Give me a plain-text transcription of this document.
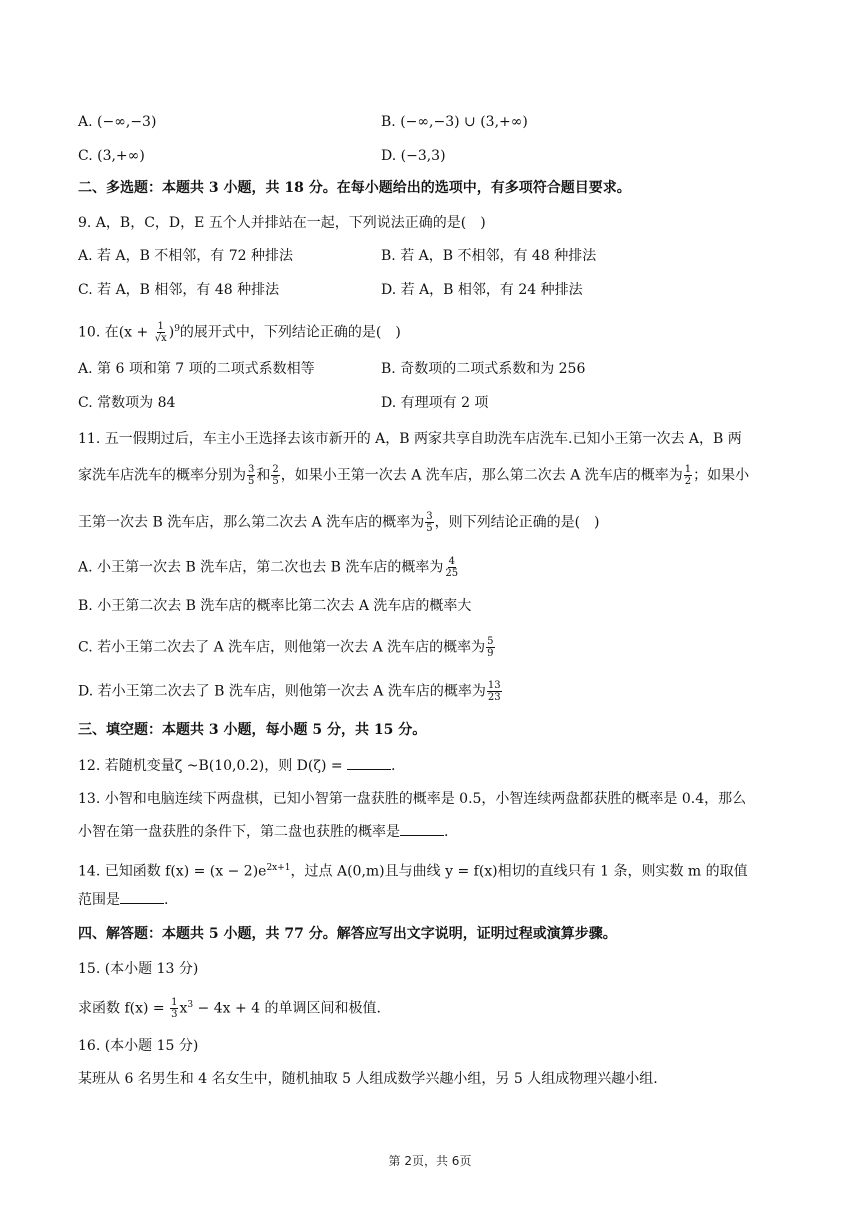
A. (−∞,−3)	B. (−∞,−3) ∪ (3,+∞)
C. (3,+∞)	D. (−3,3)
二、多选题：本题共 3 小题，共 18 分。在每小题给出的选项中，有多项符合题目要求。
9. A，B，C，D，E 五个人并排站在一起，下列说法正确的是(　)
A. 若 A，B 不相邻，有 72 种排法	B. 若 A，B 不相邻，有 48 种排法
C. 若 A，B 相邻，有 48 种排法	D. 若 A，B 相邻，有 24 种排法
10. 在$(x + \frac{1}{√x} )^9$的展开式中，下列结论正确的是(　)
A. 第 6 项和第 7 项的二项式系数相等	B. 奇数项的二项式系数和为 256
C. 常数项为 84	D. 有理项有 2 项
11. 五一假期过后，车主小王选择去该市新开的 A，B 两家共享自助洗车店洗车.已知小王第一次去 A，B 两
家洗车店洗车的概率分别为 $\frac{3}{5}$ 和 $\frac{2}{5}$ ，如果小王第一次去 A 洗车店，那么第二次去 A 洗车店的概率为 $\frac{1}{2}$ ；如果小
王第一次去 B 洗车店，那么第二次去 A 洗车店的概率为 $\frac{3}{5}$ ，则下列结论正确的是(　)
A. 小王第一次去 B 洗车店，第二次也去 B 洗车店的概率为 $\frac{4}{25}$
B. 小王第二次去 B 洗车店的概率比第二次去 A 洗车店的概率大
C. 若小王第二次去了 A 洗车店，则他第一次去 A 洗车店的概率为 $\frac{5}{9}$
D. 若小王第二次去了 B 洗车店，则他第一次去 A 洗车店的概率为 $\frac{13}{23}$
三、填空题：本题共 3 小题，每小题 5 分，共 15 分。
12. 若随机变量ζ ~B(10,0.2)，则 D(ζ) =	.
13. 小智和电脑连续下两盘棋，已知小智第一盘获胜的概率是 0.5，小智连续两盘都获胜的概率是 0.4，那么
小智在第一盘获胜的条件下，第二盘也获胜的概率是	.
14. 已知函数 $f(x) = (x - 2)e^{2x+1}$，过点 A(0,m)且与曲线 y = f(x)相切的直线只有 1 条，则实数 m 的取值
范围是	.
四、解答题：本题共 5 小题，共 77 分。解答应写出文字说明，证明过程或演算步骤。
15. (本小题 13 分)
求函数 $f(x) = \frac{1}{3} x^3 - 4x + 4$ 的单调区间和极值.
16. (本小题 15 分)
某班从 6 名男生和 4 名女生中，随机抽取 5 人组成数学兴趣小组，另 5 人组成物理兴趣小组.
第 2页，共 6页
